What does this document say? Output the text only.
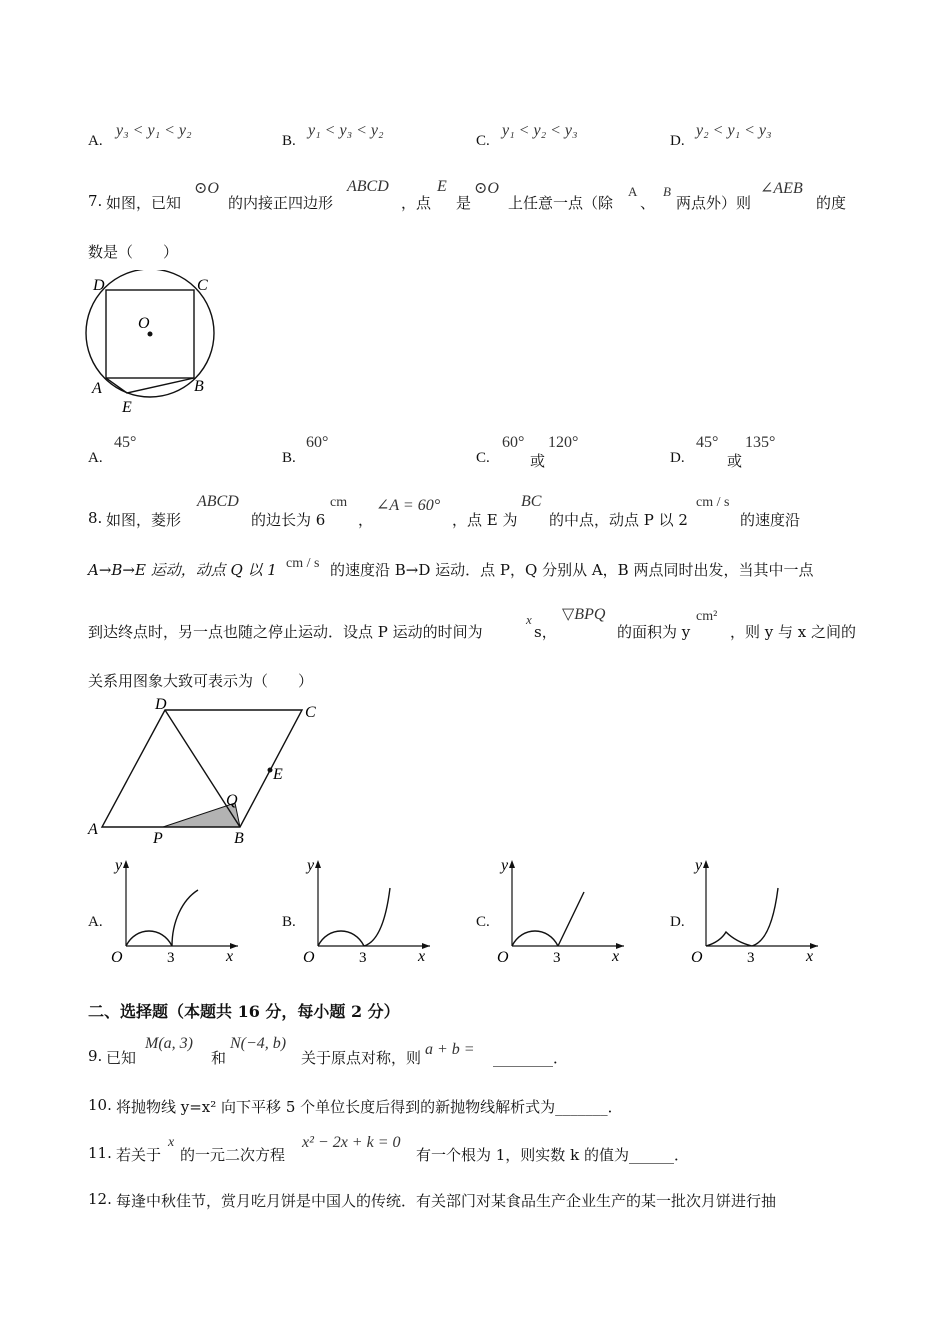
A.
y₃ < y₁ < y₂
B.
y₁ < y₃ < y₂
C.
y₁ < y₂ < y₃
D.
y₂ < y₁ < y₃
7. 如图，已知
⊙O
的内接正四边形
ABCD
，点
E
是
⊙O
上任意一点（除
A
、
B
两点外）则
∠AEB
的度
数是（　　）
D	C
O
A	B
E
A.
45°
B.
60°
C.
60°
或
120°
D.
45°
或
135°
8. 如图，菱形
ABCD
的边长为 6
cm
，
∠A = 60°
，点 E 为
BC
的中点，动点 P 以 2
cm / s
的速度沿
A→B→E 运动，动点 Q 以 1 cm / s 的速度沿 B→D 运动．点 P，Q 分别从 A，B 两点同时出发，当其中一点
到达终点时，另一点也随之停止运动．设点 P 运动的时间为
x
s，
▽BPQ
的面积为 y
cm²
，则 y 与 x 之间的
关系用图象大致可表示为（　　）
D	C
E
Q
A
P	B
A.
y
x
O	3
B.
y
x
O	3
C.
y
x
O	3
D.
y
x
O	3
二、选择题（本题共 16 分，每小题 2 分）
9. 已知
M(a, 3)
和
N(−4, b)
关于原点对称，则 a + b = ________．
10. 将抛物线 y=x² 向下平移 5 个单位长度后得到的新抛物线解析式为_______．
11. 若关于
x
的一元二次方程
x² − 2x + k = 0
有一个根为 1，则实数 k 的值为______．
12. 每逢中秋佳节，赏月吃月饼是中国人的传统．有关部门对某食品生产企业生产的某一批次月饼进行抽
